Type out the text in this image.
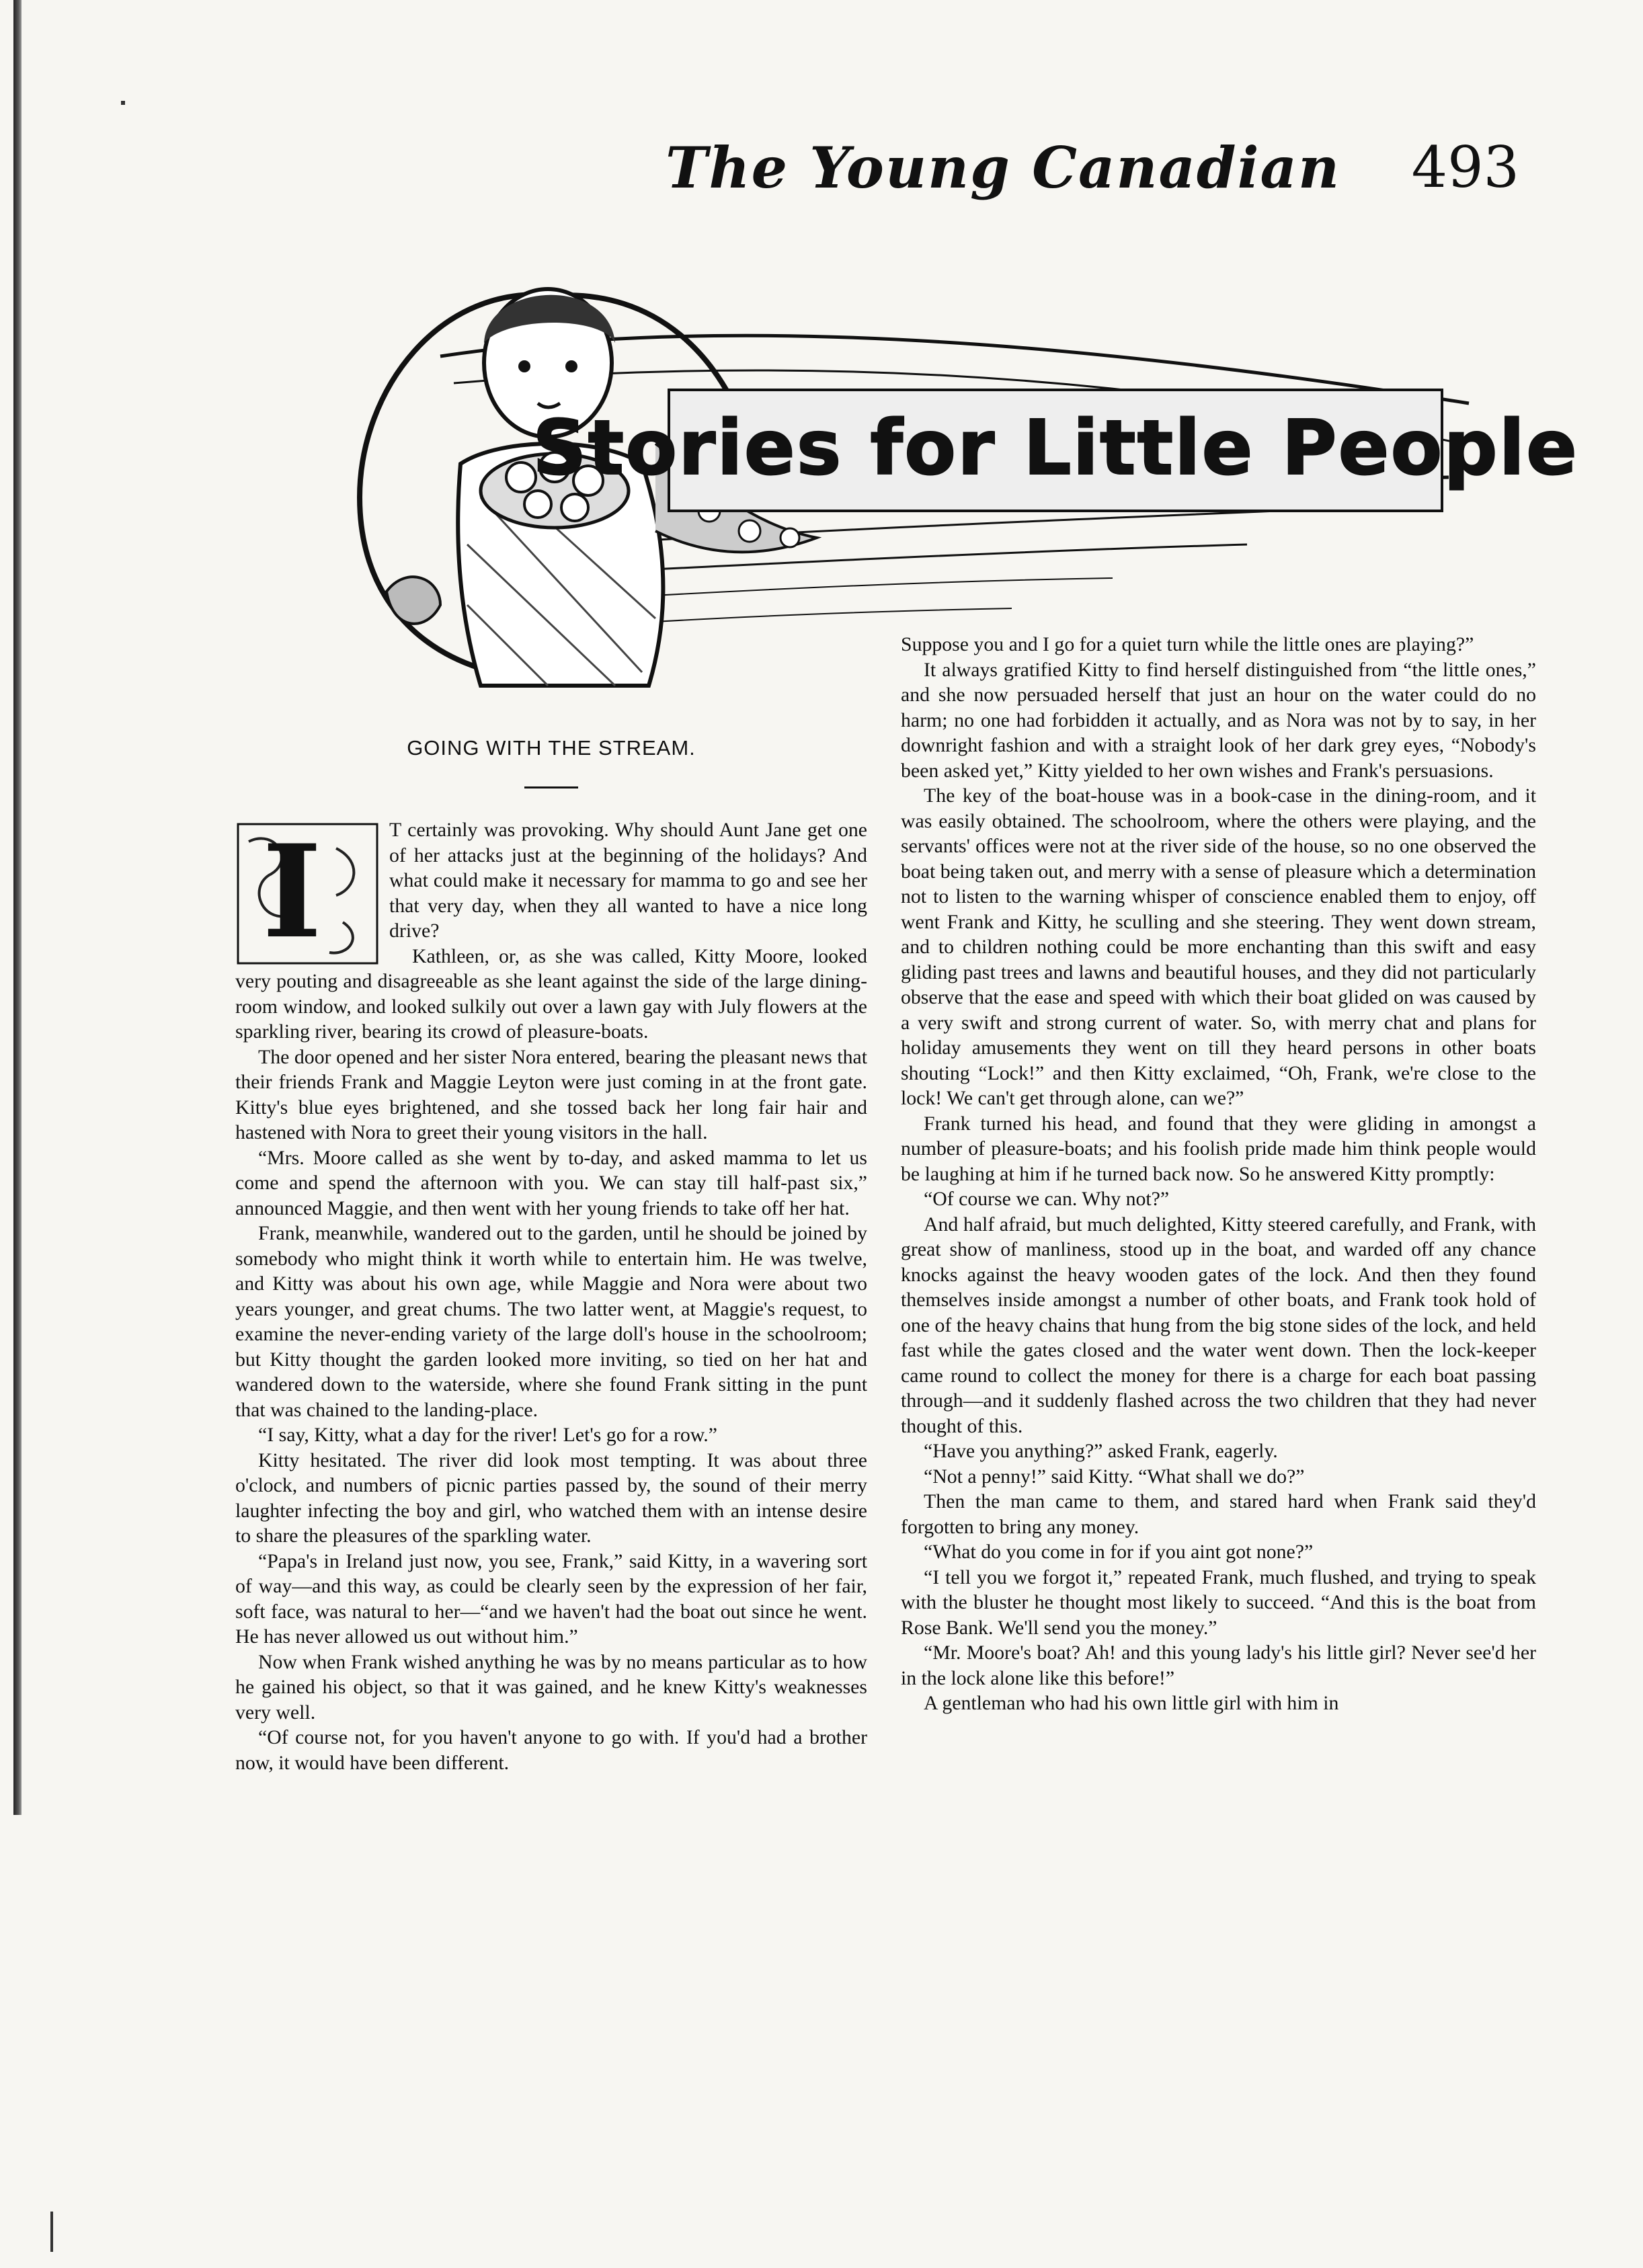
The Young Canadian 493
Stories for Little People
GOING WITH THE STREAM.
I	T certainly was provoking. Why should Aunt Jane get one of her attacks just at the beginning of the holidays? And what could make it necessary for mamma to go and see her that very day, when they all wanted to have a nice long drive?

Kathleen, or, as she was called, Kitty Moore, looked very pouting and disagreeable as she leant against the side of the large dining-room window, and looked sulkily out over a lawn gay with July flowers at the sparkling river, bearing its crowd of pleasure-boats.

The door opened and her sister Nora entered, bearing the pleasant news that their friends Frank and Maggie Leyton were just coming in at the front gate. Kitty's blue eyes brightened, and she tossed back her long fair hair and hastened with Nora to greet their young visitors in the hall.

“Mrs. Moore called as she went by to-day, and asked mamma to let us come and spend the afternoon with you. We can stay till half-past six,” announced Maggie, and then went with her young friends to take off her hat.

Frank, meanwhile, wandered out to the garden, until he should be joined by somebody who might think it worth while to entertain him. He was twelve, and Kitty was about his own age, while Maggie and Nora were about two years younger, and great chums. The two latter went, at Maggie's request, to examine the never-ending variety of the large doll's house in the schoolroom; but Kitty thought the garden looked more inviting, so tied on her hat and wandered down to the waterside, where she found Frank sitting in the punt that was chained to the landing-place.

“I say, Kitty, what a day for the river! Let's go for a row.”

Kitty hesitated. The river did look most tempting. It was about three o'clock, and numbers of picnic parties passed by, the sound of their merry laughter infecting the boy and girl, who watched them with an intense desire to share the pleasures of the sparkling water.

“Papa's in Ireland just now, you see, Frank,” said Kitty, in a wavering sort of way—and this way, as could be clearly seen by the expression of her fair, soft face, was natural to her—“and we haven't had the boat out since he went. He has never allowed us out without him.”

Now when Frank wished anything he was by no means particular as to how he gained his object, so that it was gained, and he knew Kitty's weaknesses very well.

“Of course not, for you haven't anyone to go with. If you'd had a brother now, it would have been different.

Suppose you and I go for a quiet turn while the little ones are playing?”

It always gratified Kitty to find herself distinguished from “the little ones,” and she now persuaded herself that just an hour on the water could do no harm; no one had forbidden it actually, and as Nora was not by to say, in her downright fashion and with a straight look of her dark grey eyes, “Nobody's been asked yet,” Kitty yielded to her own wishes and Frank's persuasions.

The key of the boat-house was in a book-case in the dining-room, and it was easily obtained. The schoolroom, where the others were playing, and the servants' offices were not at the river side of the house, so no one observed the boat being taken out, and merry with a sense of pleasure which a determination not to listen to the warning whisper of conscience enabled them to enjoy, off went Frank and Kitty, he sculling and she steering. They went down stream, and to children nothing could be more enchanting than this swift and easy gliding past trees and lawns and beautiful houses, and they did not particularly observe that the ease and speed with which their boat glided on was caused by a very swift and strong current of water. So, with merry chat and plans for holiday amusements they went on till they heard persons in other boats shouting “Lock!” and then Kitty exclaimed, “Oh, Frank, we're close to the lock! We can't get through alone, can we?”

Frank turned his head, and found that they were gliding in amongst a number of pleasure-boats; and his foolish pride made him think people would be laughing at him if he turned back now. So he answered Kitty promptly:

“Of course we can. Why not?”

And half afraid, but much delighted, Kitty steered carefully, and Frank, with great show of manliness, stood up in the boat, and warded off any chance knocks against the heavy wooden gates of the lock. And then they found themselves inside amongst a number of other boats, and Frank took hold of one of the heavy chains that hung from the big stone sides of the lock, and held fast while the gates closed and the water went down. Then the lock-keeper came round to collect the money for there is a charge for each boat passing through—and it suddenly flashed across the two children that they had never thought of this.

“Have you anything?” asked Frank, eagerly.

“Not a penny!” said Kitty. “What shall we do?”

Then the man came to them, and stared hard when Frank said they'd forgotten to bring any money.

“What do you come in for if you aint got none?”

“I tell you we forgot it,” repeated Frank, much flushed, and trying to speak with the bluster he thought most likely to succeed. “And this is the boat from Rose Bank. We'll send you the money.”

“Mr. Moore's boat? Ah! and this young lady's his little girl? Never see'd her in the lock alone like this before!”

A gentleman who had his own little girl with him in
